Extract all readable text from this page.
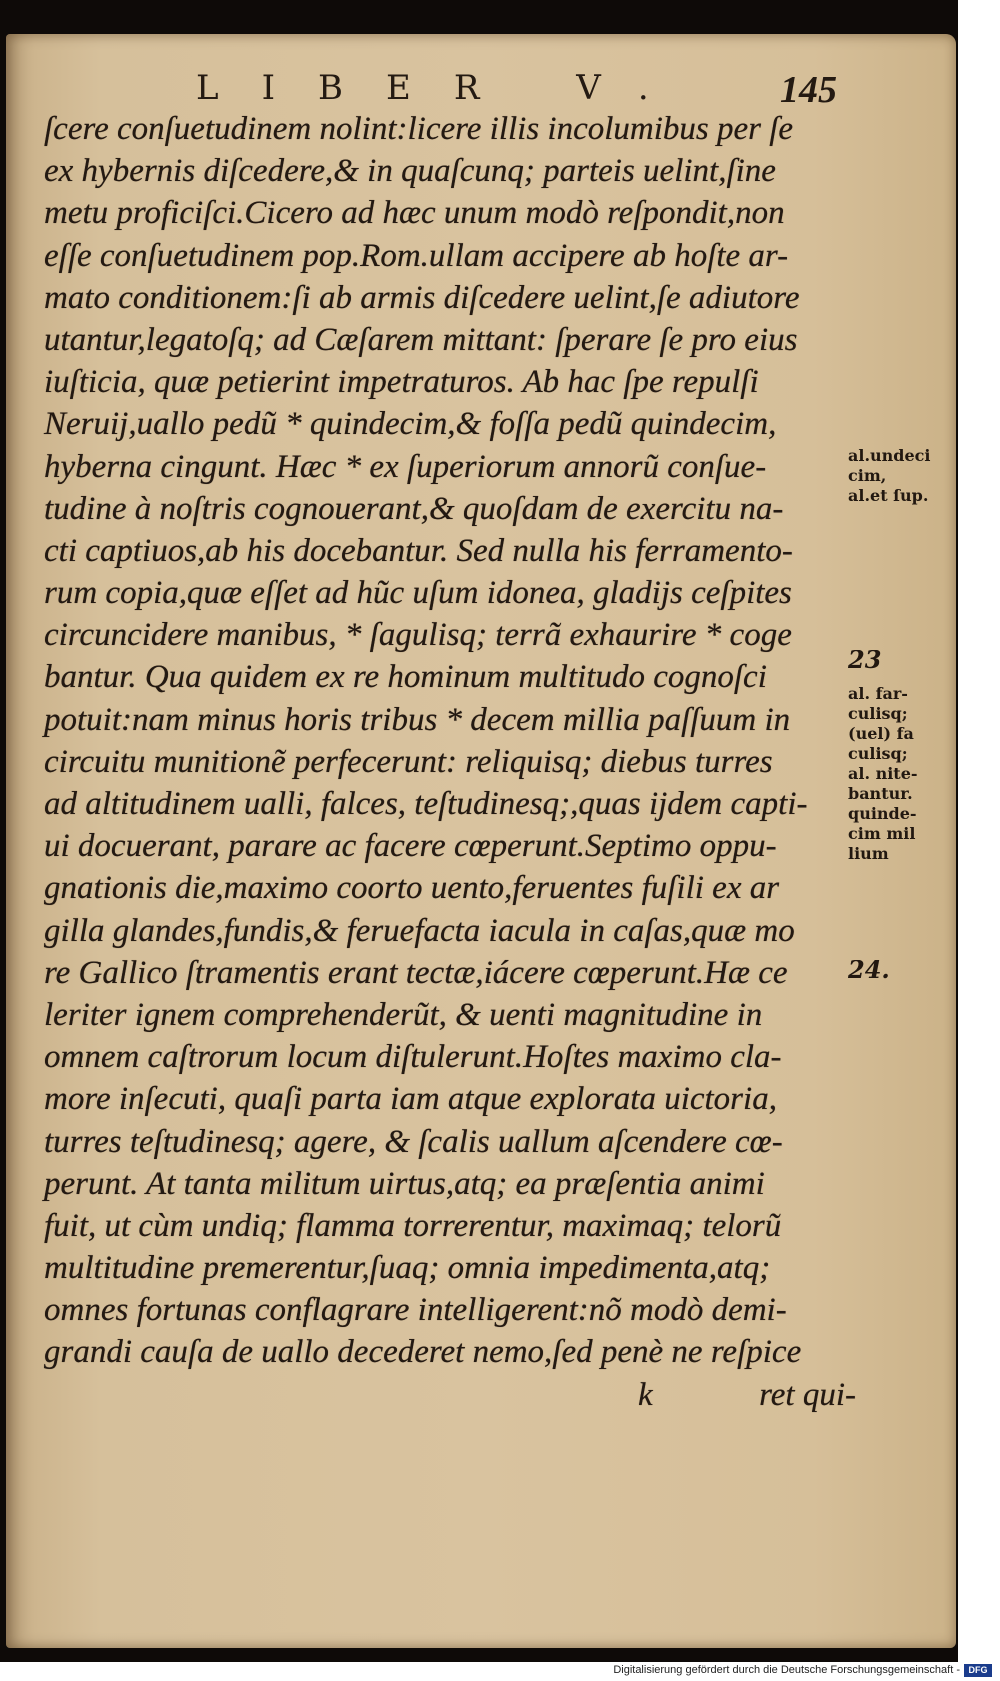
LIBER V. 145
ſcere conſuetudinem nolint:licere illis incolumibus per ſe
ex hybernis diſcedere,& in quaſcunq; parteis uelint,ſine
metu proficiſci.Cicero ad hæc unum modò reſpondit,non
eſſe conſuetudinem pop.Rom.ullam accipere ab hoſte ar-
mato conditionem:ſi ab armis diſcedere uelint,ſe adiutore
utantur,legatoſq; ad Cæſarem mittant: ſperare ſe pro eius
iuſticia, quæ petierint impetraturos. Ab hac ſpe repulſi
Neruij,uallo pedũ * quindecim,& foſſa pedũ quindecim,
hyberna cingunt. Hæc * ex ſuperiorum annorũ conſue-
tudine à noſtris cognouerant,& quoſdam de exercitu na-
cti captiuos,ab his docebantur. Sed nulla his ferramento-
rum copia,quæ eſſet ad hũc uſum idonea, gladijs ceſpites
circuncidere manibus, * ſagulisq; terrã exhaurire * coge
bantur. Qua quidem ex re hominum multitudo cognoſci
potuit:nam minus horis tribus * decem millia paſſuum in
circuitu munitionẽ perfecerunt: reliquisq; diebus turres
ad altitudinem ualli, falces, teſtudinesq;,quas ijdem capti-
ui docuerant, parare ac facere cœperunt.Septimo oppu-
gnationis die,maximo coorto uento,feruentes fuſili ex ar
gilla glandes,fundis,& feruefacta iacula in caſas,quæ mo
re Gallico ſtramentis erant tectæ,iácere cœperunt.Hæ ce
leriter ignem comprehenderũt, & uenti magnitudine in
omnem caſtrorum locum diſtulerunt.Hoſtes maximo cla-
more inſecuti, quaſi parta iam atque explorata uictoria,
turres teſtudinesq; agere, & ſcalis uallum aſcendere cœ-
perunt. At tanta militum uirtus,atq; ea præſentia animi
fuit, ut cùm undiq; flamma torrerentur, maximaq; telorũ
multitudine premerentur,ſuaq; omnia impedimenta,atq;
omnes fortunas conflagrare intelligerent:nõ modò demi-
grandi cauſa de uallo decederet nemo,ſed penè ne reſpice
k	ret qui-
al.undeci
cim,
al.et ſup.
23
al. far-
culisq;
(uel) fa
culisq;
al. nite-
bantur.
quinde-
cim mil
lium
24.
Digitalisierung gefördert durch die Deutsche Forschungsgemeinschaft - DFG
